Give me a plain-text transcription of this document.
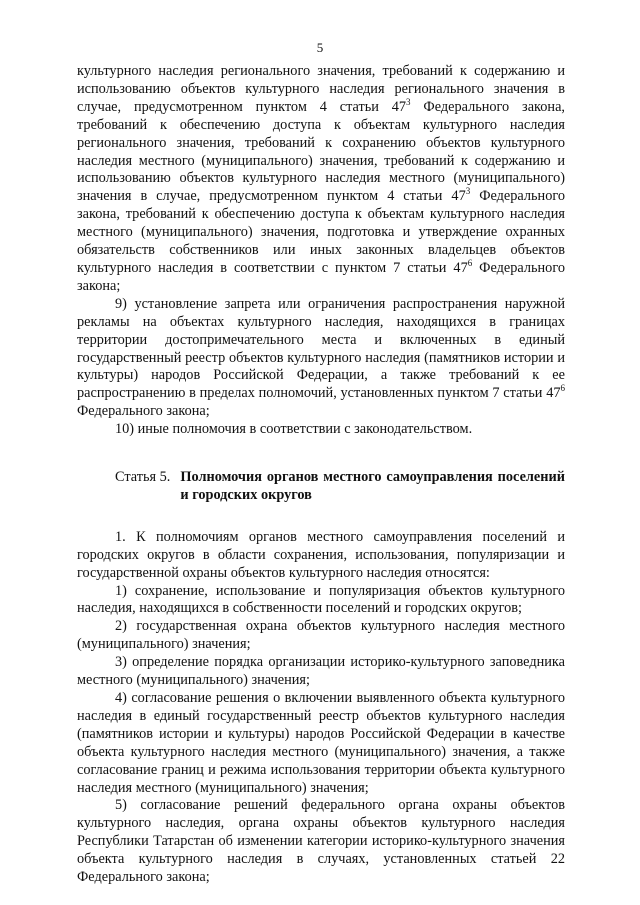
5

культурного наследия регионального значения, требований к содержанию и использованию объектов культурного наследия регионального значения в случае, предусмотренном пунктом 4 статьи $47^3$ Федерального закона, требований к обеспечению доступа к объектам культурного наследия регионального значения, требований к сохранению объектов культурного наследия местного (муниципального) значения, требований к содержанию и использованию объектов культурного наследия местного (муниципального) значения в случае, предусмотренном пунктом 4 статьи $47^3$ Федерального закона, требований к обеспечению доступа к объектам культурного наследия местного (муниципального) значения, подготовка и утверждение охранных обязательств собственников или иных законных владельцев объектов культурного наследия в соответствии с пунктом 7 статьи $47^6$ Федерального закона;

9) установление запрета или ограничения распространения наружной рекламы на объектах культурного наследия, находящихся в границах территории достопримечательного места и включенных в единый государственный реестр объектов культурного наследия (памятников истории и культуры) народов Российской Федерации, а также требований к ее распространению в пределах полномочий, установленных пунктом 7 статьи $47^6$ Федерального закона;

10) иные полномочия в соответствии с законодательством.

Статья 5. Полномочия органов местного самоуправления поселений и городских округов

1. К полномочиям органов местного самоуправления поселений и городских округов в области сохранения, использования, популяризации и государственной охраны объектов культурного наследия относятся:

1) сохранение, использование и популяризация объектов культурного наследия, находящихся в собственности поселений и городских округов;

2) государственная охрана объектов культурного наследия местного (муниципального) значения;

3) определение порядка организации историко-культурного заповедника местного (муниципального) значения;

4) согласование решения о включении выявленного объекта культурного наследия в единый государственный реестр объектов культурного наследия (памятников истории и культуры) народов Российской Федерации в качестве объекта культурного наследия местного (муниципального) значения, а также согласование границ и режима использования территории объекта культурного наследия местного (муниципального) значения;

5) согласование решений федерального органа охраны объектов культурного наследия, органа охраны объектов культурного наследия Республики Татарстан об изменении категории историко-культурного значения объекта культурного наследия в случаях, установленных статьей 22 Федерального закона;
